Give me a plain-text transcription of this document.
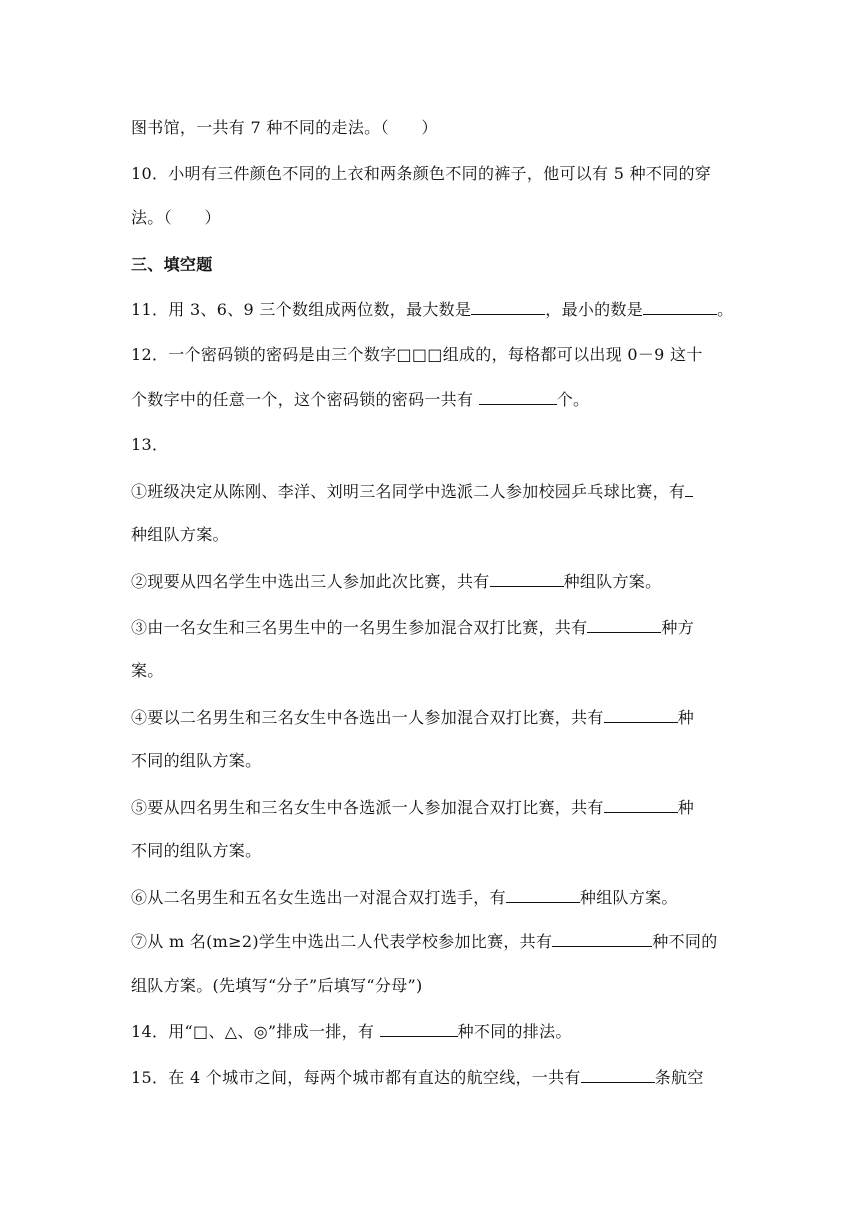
图书馆，一共有 7 种不同的走法。（　　）
10．小明有三件颜色不同的上衣和两条颜色不同的裤子，他可以有 5 种不同的穿
法。（　　）
三、填空题
11．用 3、6、9 三个数组成两位数，最大数是	，最小的数是	。
12．一个密码锁的密码是由三个数字□□□组成的，每格都可以出现 0－9 这十
个数字中的任意一个，这个密码锁的密码一共有	个。
13．
①班级决定从陈刚、李洋、刘明三名同学中选派二人参加校园乒乓球比赛，有
种组队方案。
②现要从四名学生中选出三人参加此次比赛，共有	种组队方案。
③由一名女生和三名男生中的一名男生参加混合双打比赛，共有	种方
案。
④要以二名男生和三名女生中各选出一人参加混合双打比赛，共有	种
不同的组队方案。
⑤要从四名男生和三名女生中各选派一人参加混合双打比赛，共有	种
不同的组队方案。
⑥从二名男生和五名女生选出一对混合双打选手，有	种组队方案。
⑦从 m 名(m≥2)学生中选出二人代表学校参加比赛，共有	种不同的
组队方案。(先填写“分子”后填写“分母”)
14．用“□、△、◎”排成一排，有	种不同的排法。
15．在 4 个城市之间，每两个城市都有直达的航空线，一共有	条航空
